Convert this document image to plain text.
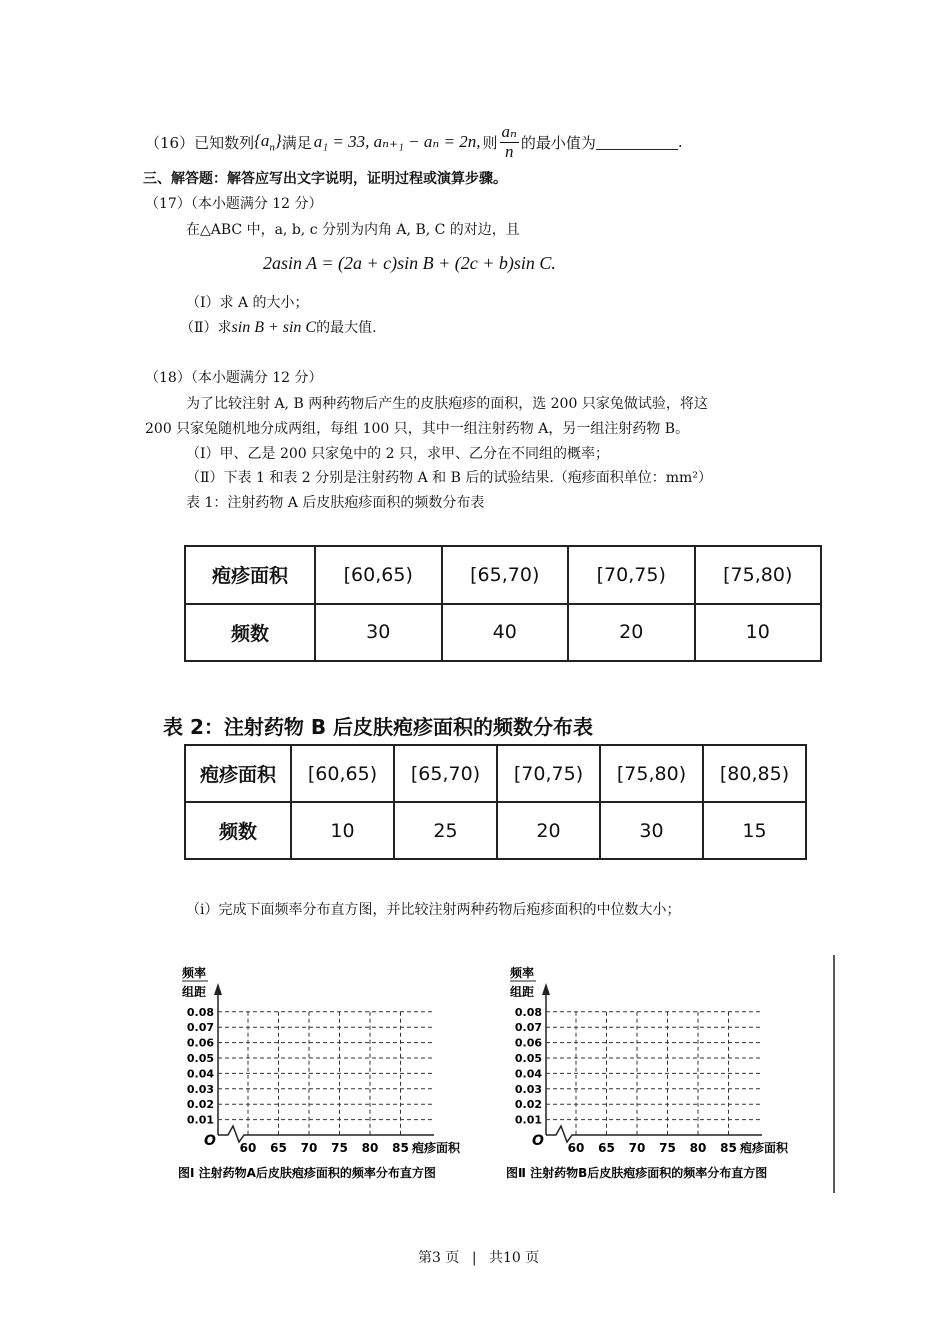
（16）已知数列 $\{a_n\}$ 满足 a₁ = 33, aₙ₊₁ − aₙ = 2n, 则 $\frac{\text{aₙ}}{n}$ 的最小值为	.
三、解答题：解答应写出文字说明，证明过程或演算步骤。
（17）（本小题满分 12 分）
在△ABC 中，a, b, c 分别为内角 A, B, C 的对边，且
2asin A = (2a + c)sin B + (2c + b)sin C.
（Ⅰ）求 A 的大小；
（Ⅱ）求sin B + sin C的最大值.
（18）（本小题满分 12 分）
为了比较注射 A, B 两种药物后产生的皮肤疱疹的面积，选 200 只家兔做试验，将这
200 只家兔随机地分成两组，每组 100 只，其中一组注射药物 A，另一组注射药物 B。
（Ⅰ）甲、乙是 200 只家兔中的 2 只，求甲、乙分在不同组的概率；
（Ⅱ）下表 1 和表 2 分别是注射药物 A 和 B 后的试验结果.（疱疹面积单位：mm²）
表 1：注射药物 A 后皮肤疱疹面积的频数分布表
疱疹面积	[60,65)	[65,70)	[70,75)	[75,80)
频数	30	40	20	10
表 2：注射药物 B 后皮肤疱疹面积的频数分布表
疱疹面积	[60,65)	[65,70)	[70,75)	[75,80)	[80,85)
频数	10	25	20	30	15
（ⅰ）完成下面频率分布直方图，并比较注射两种药物后疱疹面积的中位数大小；
频率
组距
O
0.08
0.07
0.06
0.05
0.04
0.03
0.02
0.01
60 65 70 75 80 85 疱疹面积
图Ⅰ 注射药物A后皮肤疱疹面积的频率分布直方图
频率
组距
O
0.08
0.07
0.06
0.05
0.04
0.03
0.02
0.01
60 65 70 75 80 85 疱疹面积
图Ⅱ 注射药物B后皮肤疱疹面积的频率分布直方图
第3 页 | 共10 页
